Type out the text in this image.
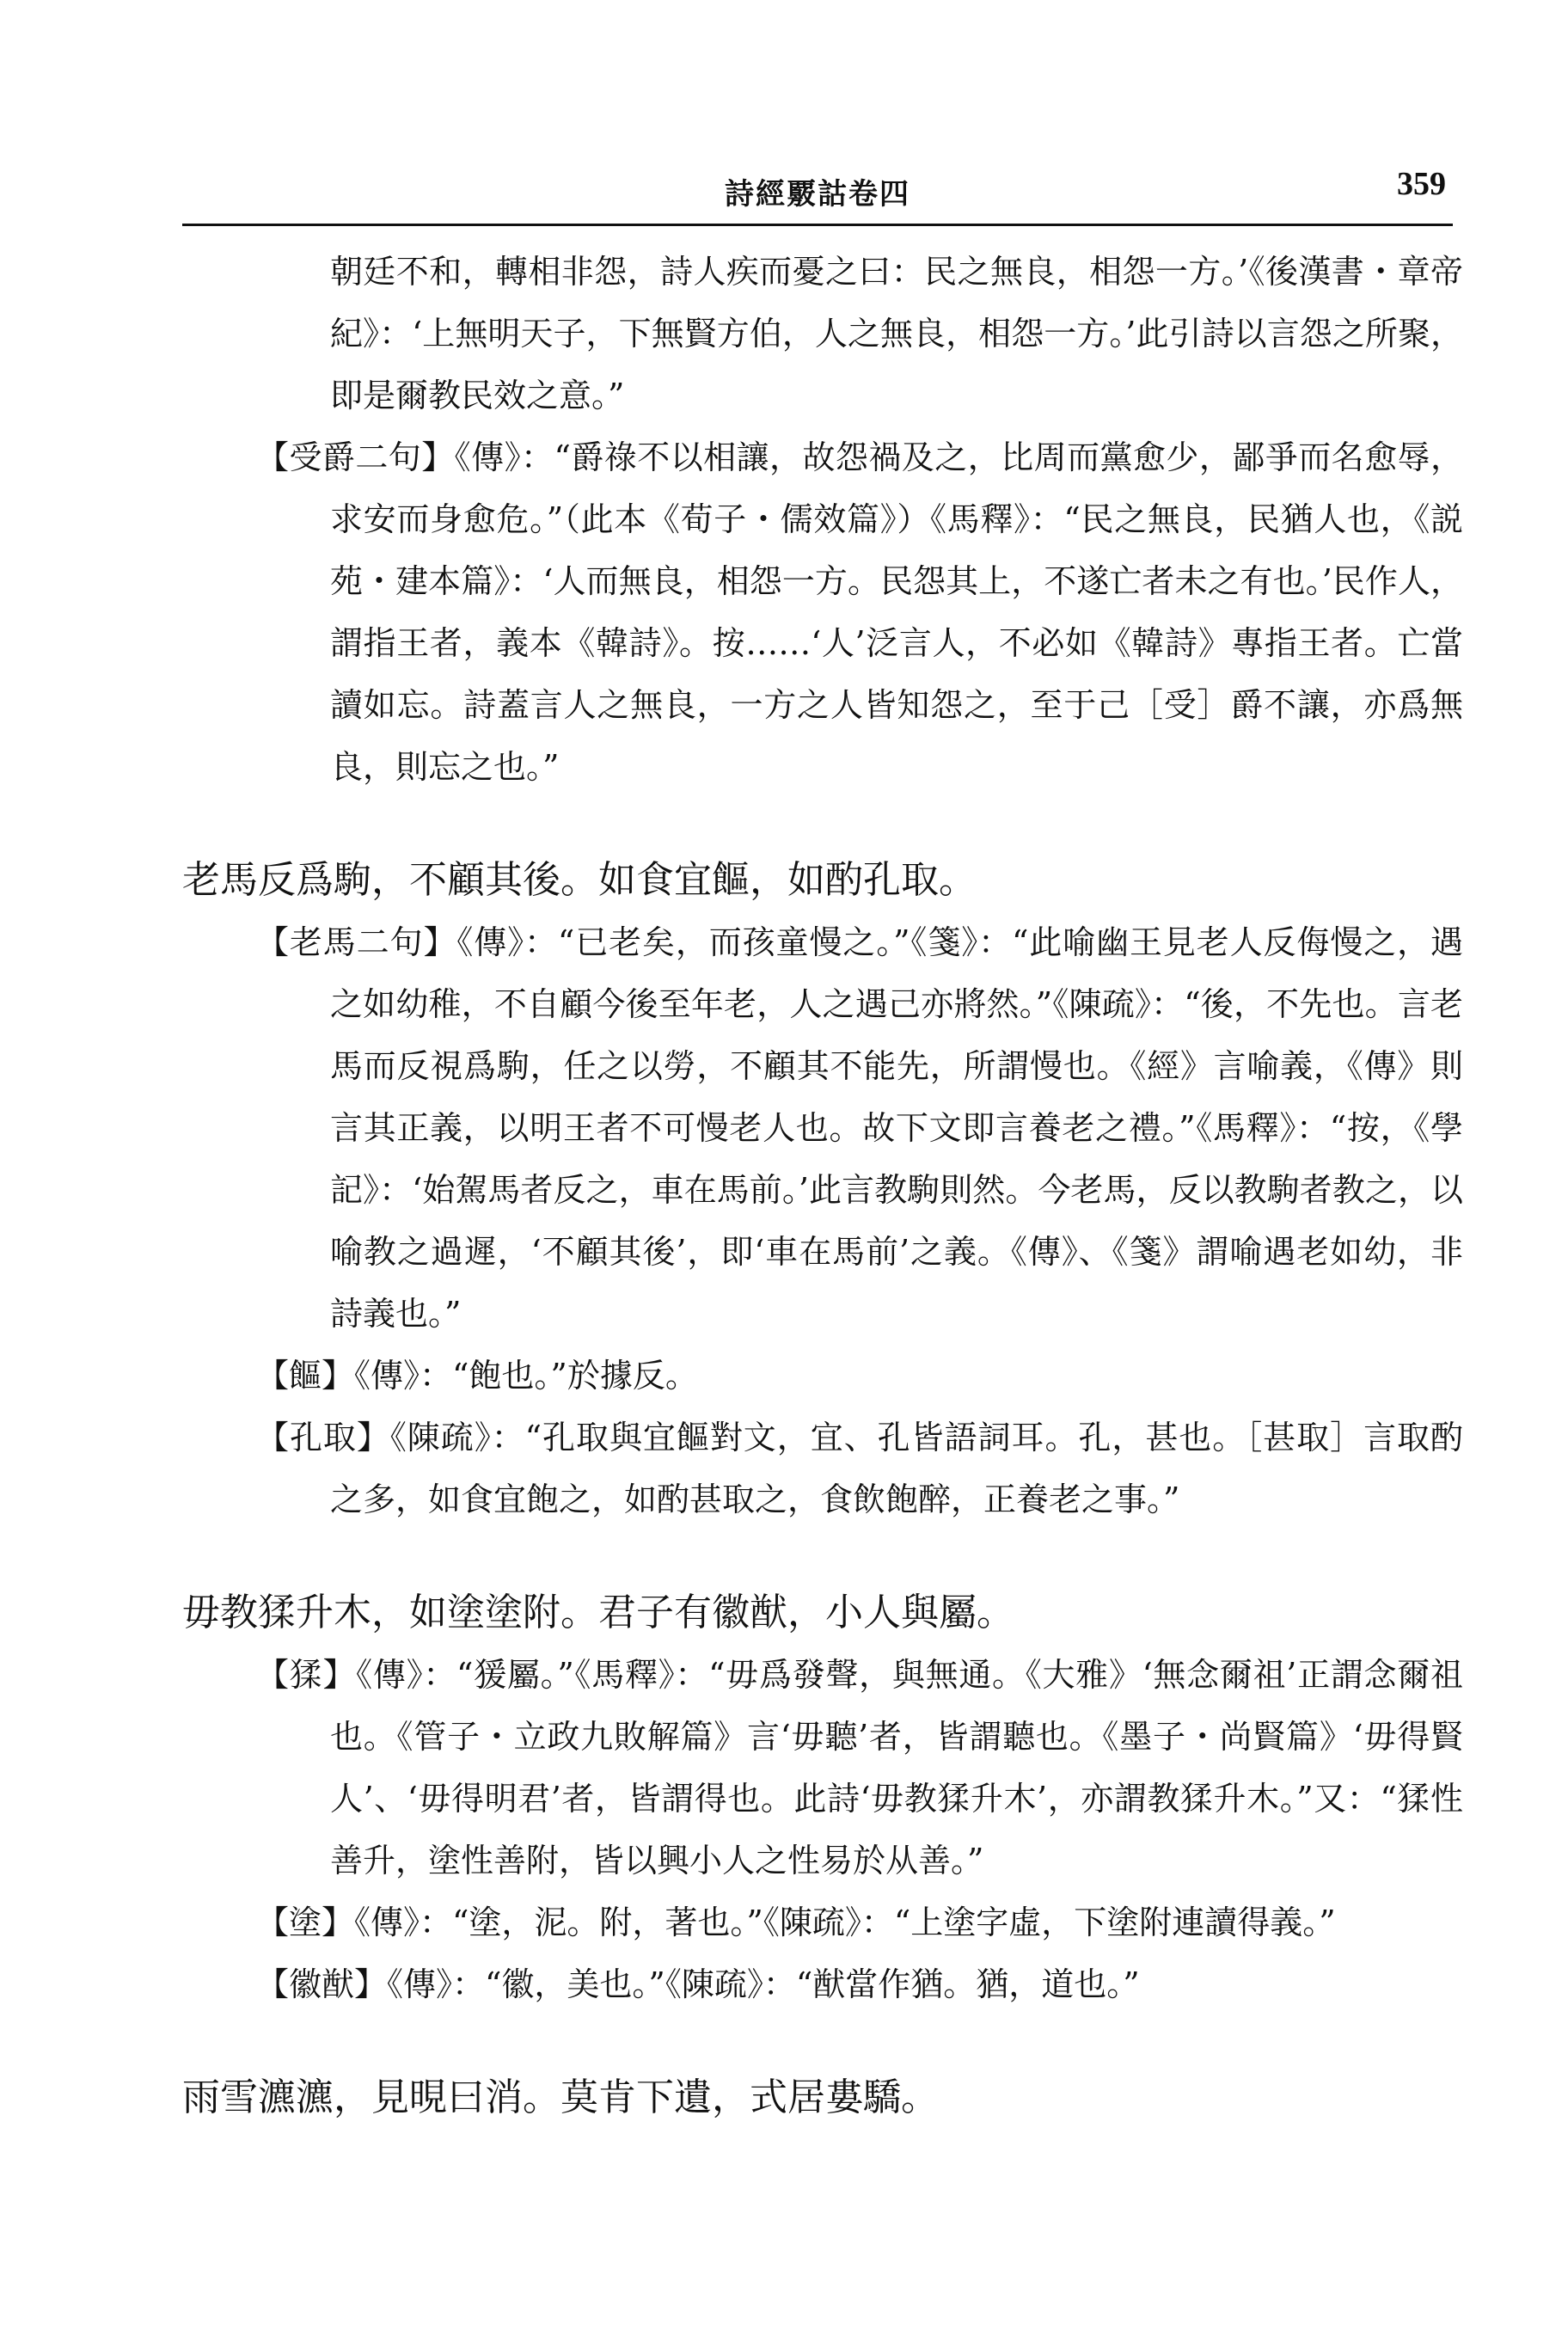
詩經覈詁卷四	359

朝廷不和，轉相非怨，詩人疾而憂之曰：民之無良，相怨一方。’《後漢書・章帝紀》：‘上無明天子，下無賢方伯，人之無良，相怨一方。’此引詩以言怨之所聚，即是爾教民效之意。”

【受爵二句】《傳》：“爵祿不以相讓，故怨禍及之，比周而黨愈少，鄙爭而名愈辱，求安而身愈危。”（此本《荀子・儒效篇》）《馬釋》：“民之無良，民猶人也，《説苑・建本篇》：‘人而無良，相怨一方。民怨其上，不遂亡者未之有也。’民作人，謂指王者，義本《韓詩》。按……‘人’泛言人，不必如《韓詩》專指王者。亡當讀如忘。詩蓋言人之無良，一方之人皆知怨之，至于己［受］爵不讓，亦爲無良，則忘之也。”

老馬反爲駒，不顧其後。如食宜饇，如酌孔取。

【老馬二句】《傳》：“已老矣，而孩童慢之。”《箋》：“此喻幽王見老人反侮慢之，遇之如幼稚，不自顧今後至年老，人之遇己亦將然。”《陳疏》：“後，不先也。言老馬而反視爲駒，任之以勞，不顧其不能先，所謂慢也。《經》言喻義，《傳》則言其正義，以明王者不可慢老人也。故下文即言養老之禮。”《馬釋》：“按，《學記》：‘始駕馬者反之，車在馬前。’此言教駒則然。今老馬，反以教駒者教之，以喻教之過遲，‘不顧其後’，即‘車在馬前’之義。《傳》、《箋》謂喻遇老如幼，非詩義也。”

【饇】《傳》：“飽也。”於據反。

【孔取】《陳疏》：“孔取與宜饇對文，宜、孔皆語詞耳。孔，甚也。［甚取］言取酌之多，如食宜飽之，如酌甚取之，食飲飽醉，正養老之事。”

毋教猱升木，如塗塗附。君子有徽猷，小人與屬。

【猱】《傳》：“猨屬。”《馬釋》：“毋爲發聲，與無通。《大雅》‘無念爾祖’正謂念爾祖也。《管子・立政九敗解篇》言‘毋聽’者，皆謂聽也。《墨子・尚賢篇》‘毋得賢人’、‘毋得明君’者，皆謂得也。此詩‘毋教猱升木’，亦謂教猱升木。”又：“猱性善升，塗性善附，皆以興小人之性易於从善。”

【塗】《傳》：“塗，泥。附，著也。”《陳疏》：“上塗字虛，下塗附連讀得義。”

【徽猷】《傳》：“徽，美也。”《陳疏》：“猷當作猶。猶，道也。”

雨雪瀌瀌，見晛曰消。莫肯下遺，式居婁驕。
